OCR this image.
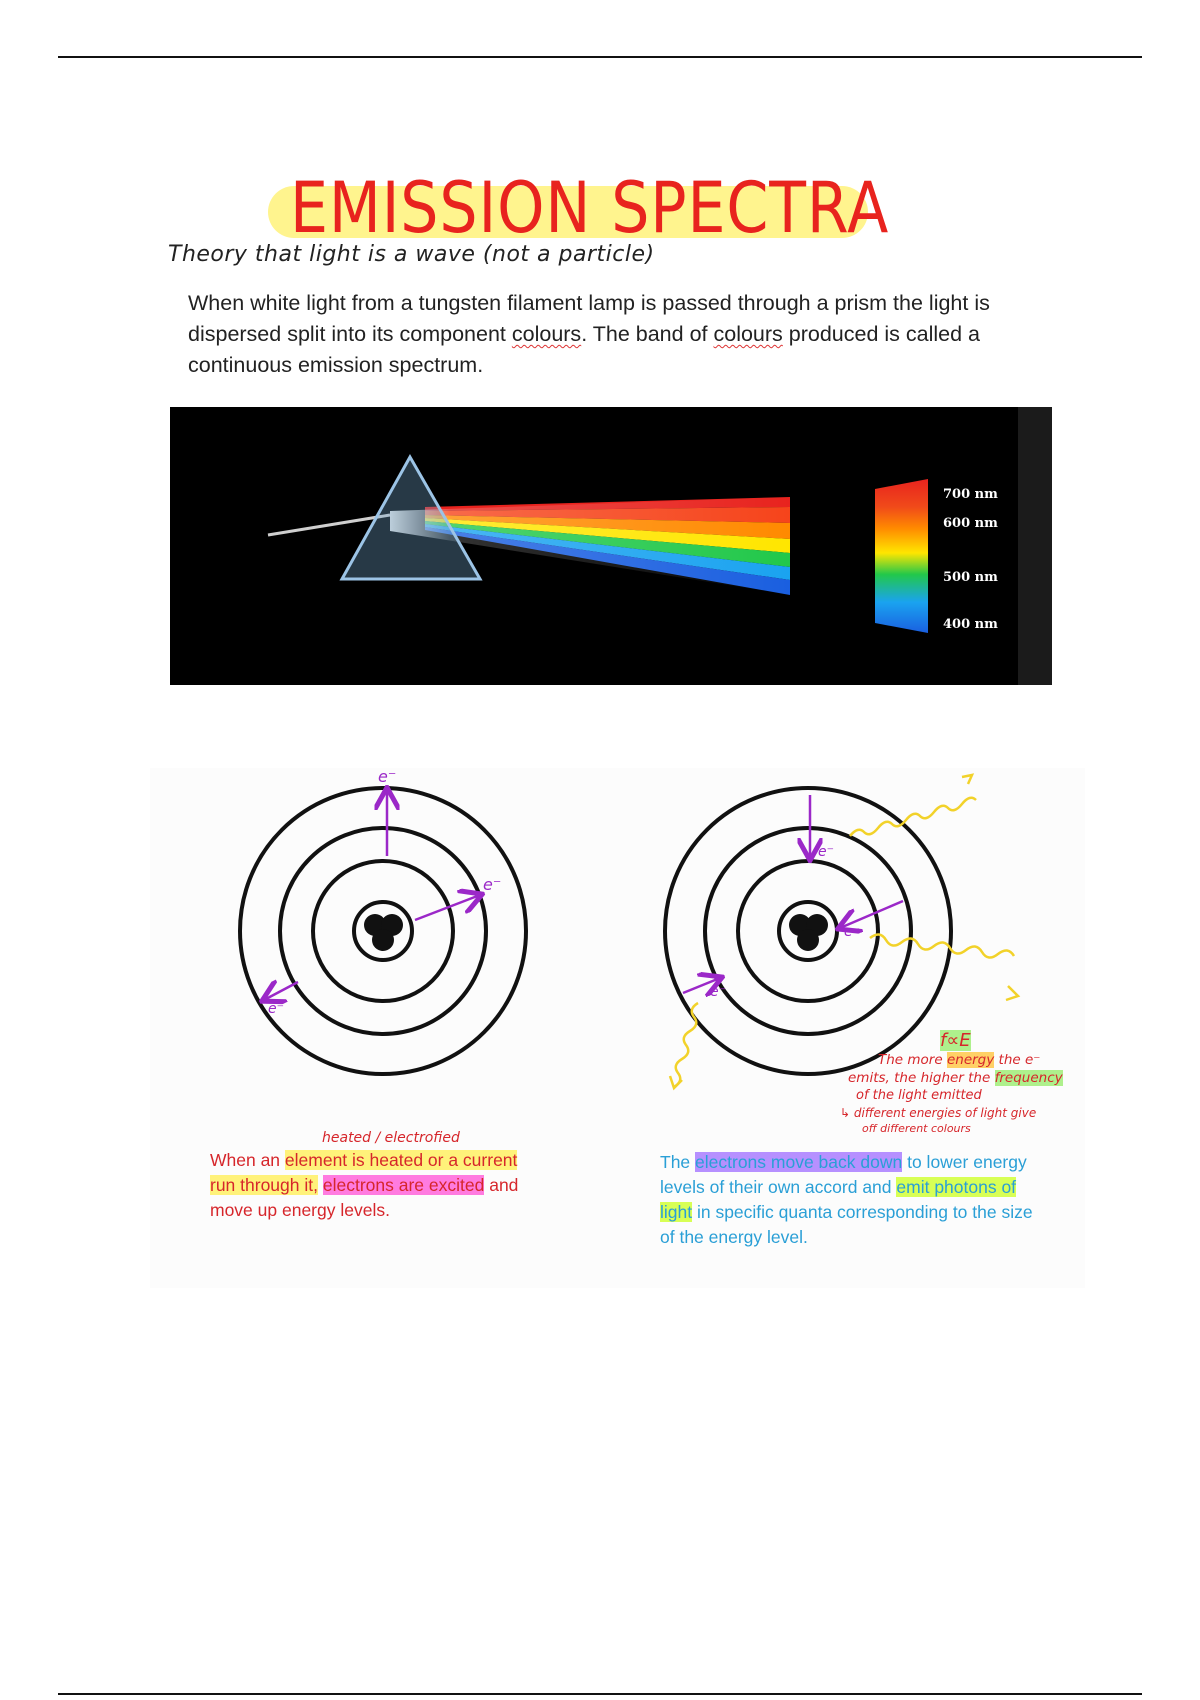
EMISSION SPECTRA
Theory that light is a wave (not a particle)
When white light from a tungsten filament lamp is passed through a prism the light is dispersed split into its component colours. The band of colours produced is called a continuous emission spectrum.
700 nm
600 nm
500 nm
400 nm
e⁻
e⁻
e⁻
e⁻
e⁻
e⁻
f∝E
The more energy the e⁻
emits, the higher the frequency
of the light emitted
↳ different energies of light give
off different colours
heated / electrofied
When an element is heated or a current
run through it, electrons are excited and
move up energy levels.
The electrons move back down to lower energy
levels of their own accord and emit photons of
light in specific quanta corresponding to the size
of the energy level.
